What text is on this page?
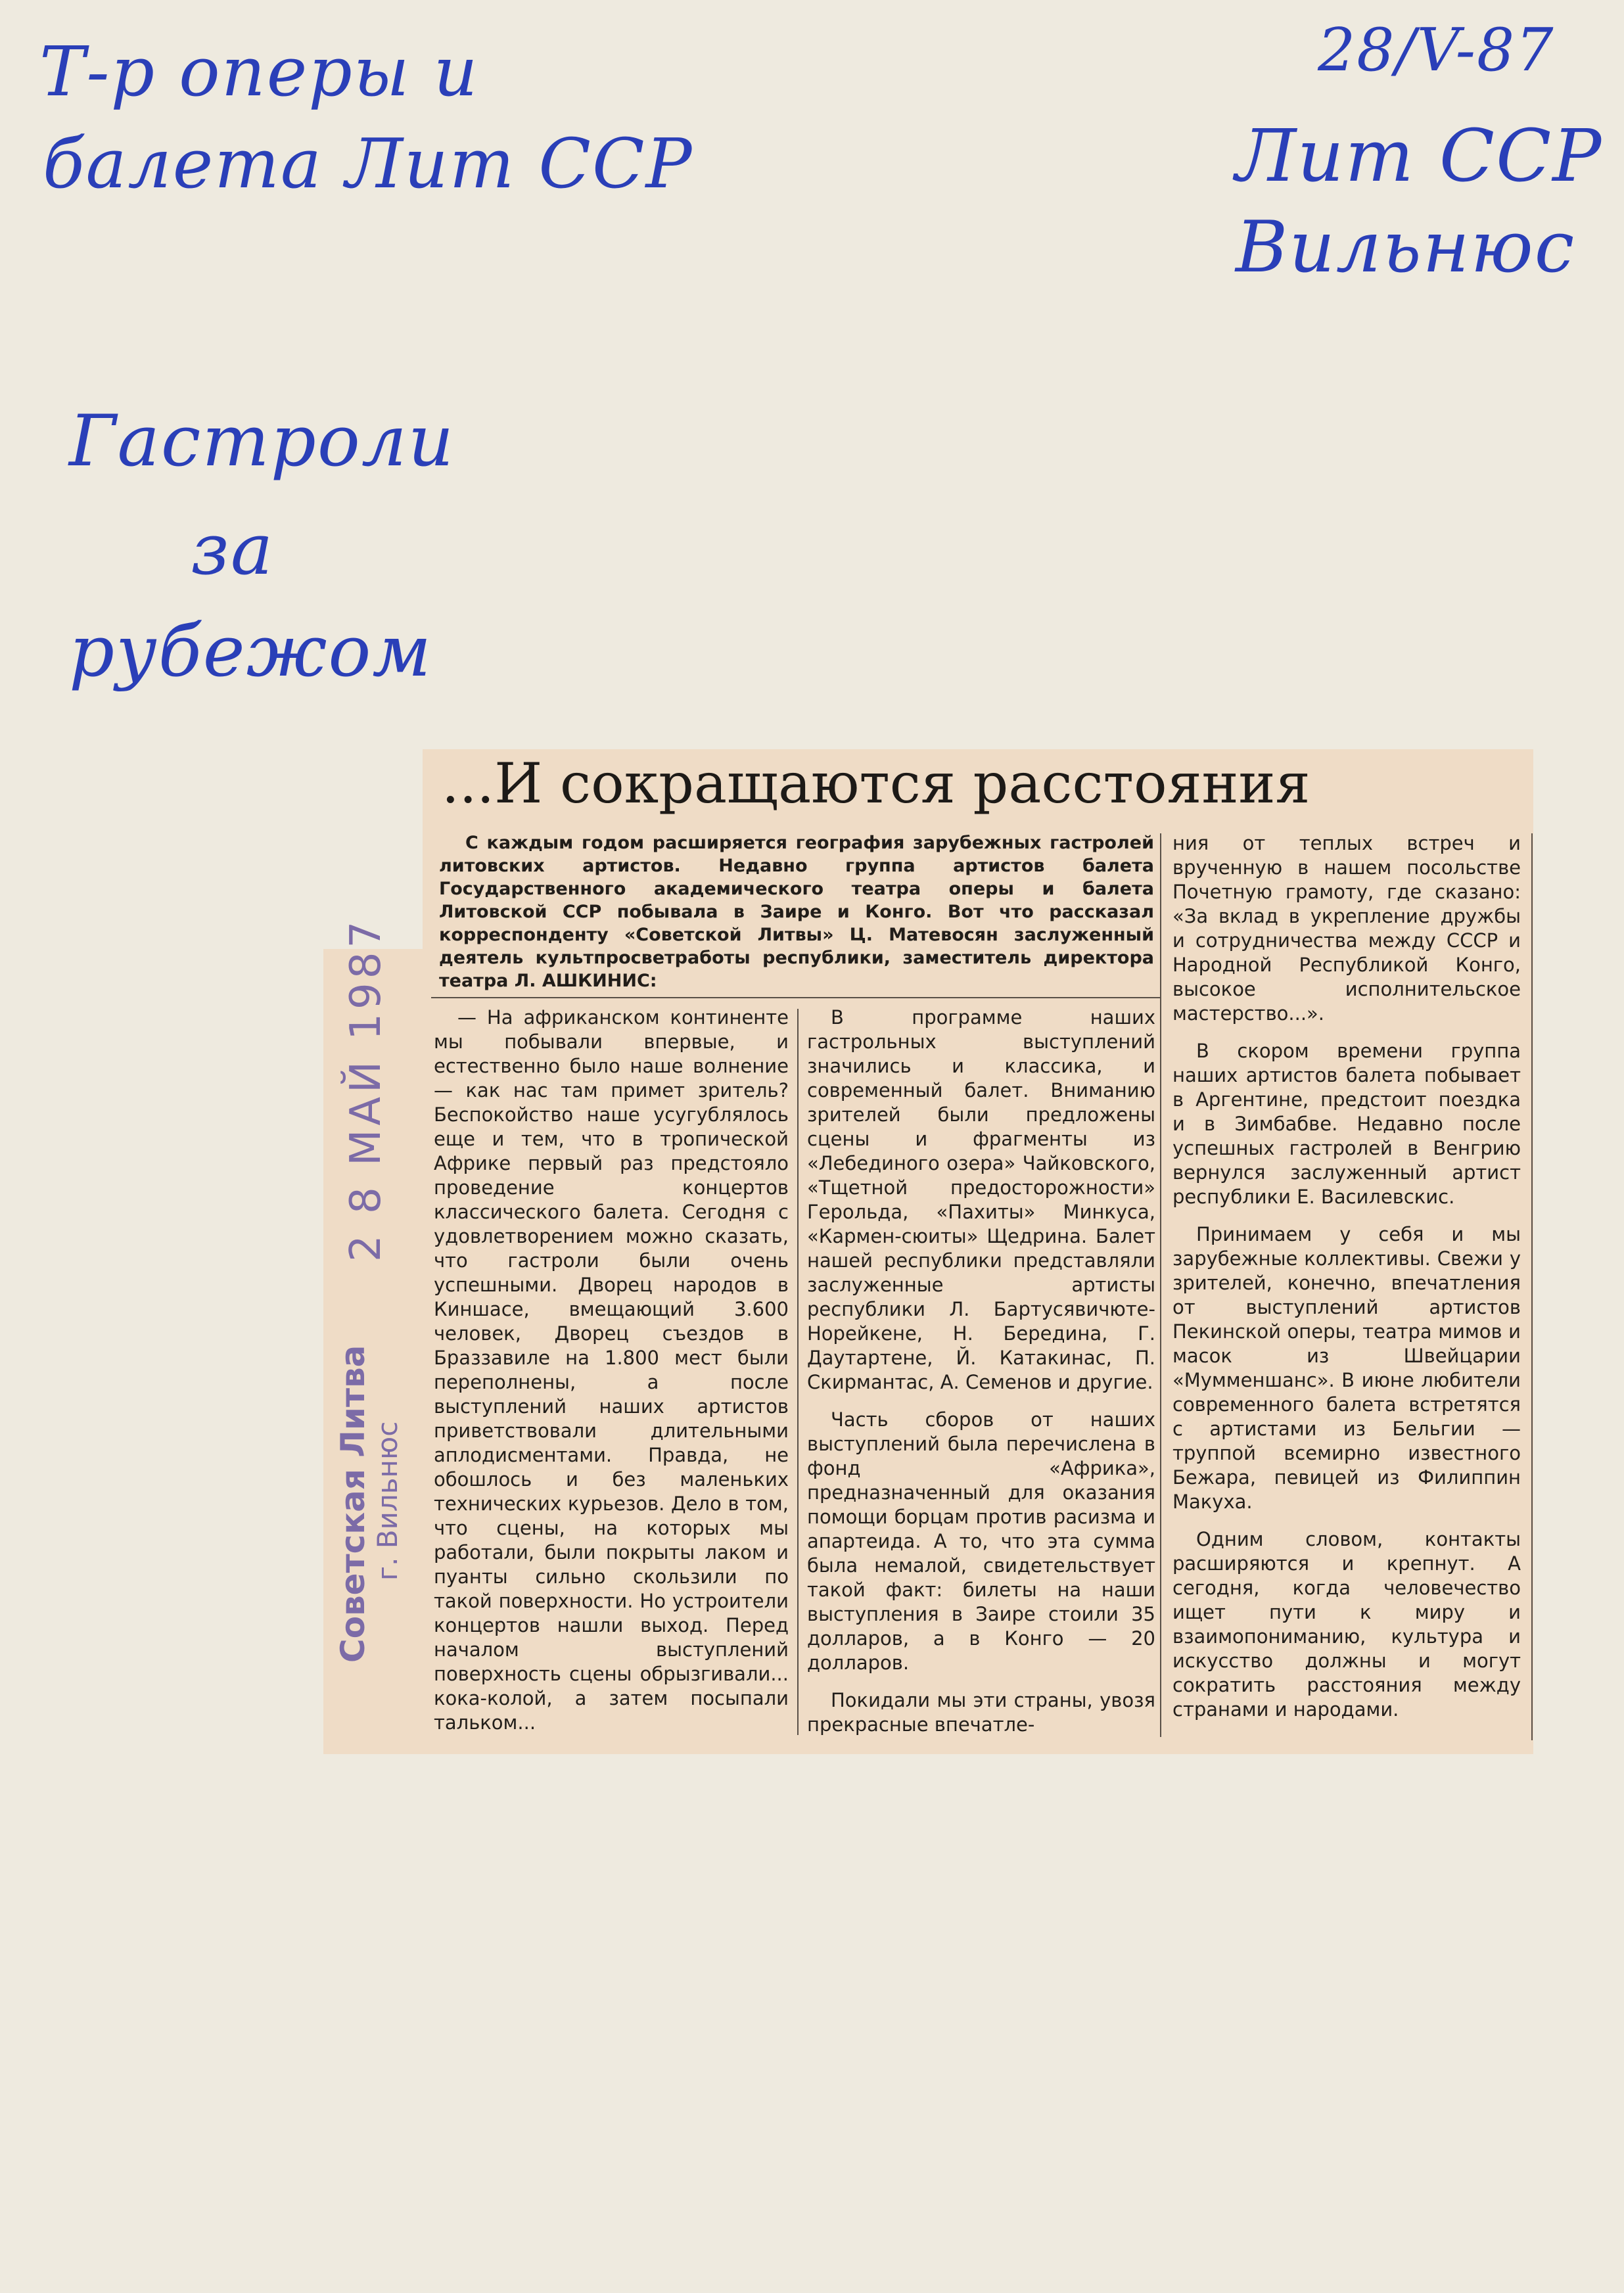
Т-р оперы и
балета Лит ССР
28/V-87
Лит ССР
Вильнюс
Гастроли
за
рубежом
2 8 МАЙ 1987
Советская Литва г. Вильнюс
...И сокращаются расстояния

С каждым годом расширяется география зарубежных гастролей литовских артистов. Недавно группа артистов балета Государственного академического театра оперы и балета Литовской ССР побывала в Заире и Конго. Вот что рассказал корреспонденту «Советской Литвы» Ц. Матевосян заслуженный деятель культпросветработы республики, заместитель директора театра Л. АШКИНИС:

— На африканском континенте мы побывали впервые, и естественно было наше волнение — как нас там примет зритель? Беспокойство наше усугублялось еще и тем, что в тропической Африке первый раз предстояло проведение концертов классического балета. Сегодня с удовлетворением можно сказать, что гастроли были очень успешными. Дворец народов в Киншасе, вмещающий 3.600 человек, Дворец съездов в Браззавиле на 1.800 мест были переполнены, а после выступлений наших артистов приветствовали длительными аплодисментами. Правда, не обошлось и без маленьких технических курьезов. Дело в том, что сцены, на которых мы работали, были покрыты лаком и пуанты сильно скользили по такой поверхности. Но устроители концертов нашли выход. Перед началом выступлений поверхность сцены обрызгивали... кока-колой, а затем посыпали тальком...

В программе наших гастрольных выступлений значились и классика, и современный балет. Вниманию зрителей были предложены сцены и фрагменты из «Лебединого озера» Чайковского, «Тщетной предосторожности» Герольда, «Пахиты» Минкуса, «Кармен-сюиты» Щедрина. Балет нашей республики представляли заслуженные артисты республики Л. Бартусявичюте-Норейкене, Н. Берединa, Г. Даутартене, Й. Катакинас, П. Скирмантас, А. Семенов и другие.

Часть сборов от наших выступлений была перечислена в фонд «Африка», предназначенный для оказания помощи борцам против расизма и апартеида. А то, что эта сумма была немалой, свидетельствует такой факт: билеты на наши выступления в Заире стоили 35 долларов, а в Конго — 20 долларов.

Покидали мы эти страны, увозя прекрасные впечатле-

ния от теплых встреч и врученную в нашем посольстве Почетную грамоту, где сказано: «За вклад в укрепление дружбы и сотрудничества между СССР и Народной Республикой Конго, высокое исполнительское мастерство...».

В скором времени группа наших артистов балета побывает в Аргентине, предстоит поездка и в Зимбабве. Недавно после успешных гастролей в Венгрию вернулся заслуженный артист республики Е. Василевскис.

Принимаем у себя и мы зарубежные коллективы. Свежи у зрителей, конечно, впечатления от выступлений артистов Пекинской оперы, театра мимов и масок из Швейцарии «Мумменшанс». В июне любители современного балета встретятся с артистами из Бельгии — труппой всемирно известного Бежара, певицей из Филиппин Макуха.

Одним словом, контакты расширяются и крепнут. А сегодня, когда человечество ищет пути к миру и взаимопониманию, культура и искусство должны и могут сократить расстояния между странами и народами.
